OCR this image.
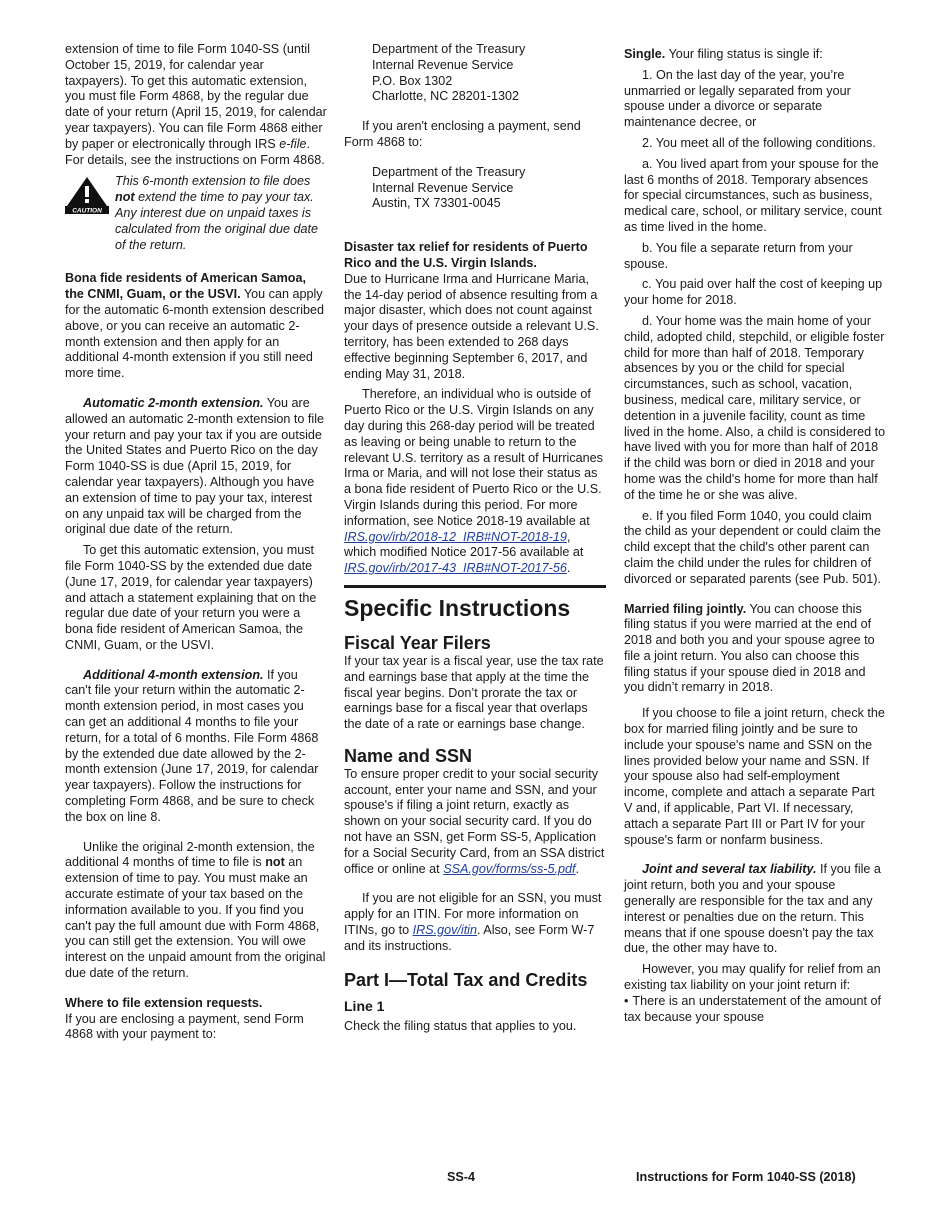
extension of time to file Form 1040-SS (until October 15, 2019, for calendar year taxpayers). To get this automatic extension, you must file Form 4868, by the regular due date of your return (April 15, 2019, for calendar year taxpayers). You can file Form 4868 either by paper or electronically through IRS e-file. For details, see the instructions on Form 4868.

CAUTION

This 6-month extension to file does not extend the time to pay your tax. Any interest due on unpaid taxes is calculated from the original due date of the return.

Bona fide residents of American Samoa, the CNMI, Guam, or the USVI. You can apply for the automatic 6-month extension described above, or you can receive an automatic 2-month extension and then apply for an additional 4-month extension if you still need more time.

Automatic 2-month extension. You are allowed an automatic 2-month extension to file your return and pay your tax if you are outside the United States and Puerto Rico on the day Form 1040-SS is due (April 15, 2019, for calendar year taxpayers). Although you have an extension of time to pay your tax, interest on any unpaid tax will be charged from the original due date of the return.

To get this automatic extension, you must file Form 1040-SS by the extended due date (June 17, 2019, for calendar year taxpayers) and attach a statement explaining that on the regular due date of your return you were a bona fide resident of American Samoa, the CNMI, Guam, or the USVI.

Additional 4-month extension. If you can't file your return within the automatic 2-month extension period, in most cases you can get an additional 4 months to file your return, for a total of 6 months. File Form 4868 by the extended due date allowed by the 2-month extension (June 17, 2019, for calendar year taxpayers). Follow the instructions for completing Form 4868, and be sure to check the box on line 8.

Unlike the original 2-month extension, the additional 4 months of time to file is not an extension of time to pay. You must make an accurate estimate of your tax based on the information available to you. If you find you can't pay the full amount due with Form 4868, you can still get the extension. You will owe interest on the unpaid amount from the original due date of the return.

Where to file extension requests.

If you are enclosing a payment, send Form 4868 with your payment to:

Department of the Treasury

Internal Revenue Service

P.O. Box 1302

Charlotte, NC 28201-1302

If you aren't enclosing a payment, send Form 4868 to:

Department of the Treasury

Internal Revenue Service

Austin, TX 73301-0045

Disaster tax relief for residents of Puerto Rico and the U.S. Virgin Islands.

Due to Hurricane Irma and Hurricane Maria, the 14-day period of absence resulting from a major disaster, which does not count against your days of presence outside a relevant U.S. territory, has been extended to 268 days effective beginning September 6, 2017, and ending May 31, 2018.

Therefore, an individual who is outside of Puerto Rico or the U.S. Virgin Islands on any day during this 268-day period will be treated as leaving or being unable to return to the relevant U.S. territory as a result of Hurricanes Irma or Maria, and will not lose their status as a bona fide resident of Puerto Rico or the U.S. Virgin Islands during this period. For more information, see Notice 2018-19 available at IRS.gov/irb/2018-12_IRB#NOT-2018-19, which modified Notice 2017-56 available at IRS.gov/irb/2017-43_IRB#NOT-2017-56.

Specific Instructions
Fiscal Year Filers

If your tax year is a fiscal year, use the tax rate and earnings base that apply at the time the fiscal year begins. Don’t prorate the tax or earnings base for a fiscal year that overlaps the date of a rate or earnings base change.

Name and SSN

To ensure proper credit to your social security account, enter your name and SSN, and your spouse's if filing a joint return, exactly as shown on your social security card. If you do not have an SSN, get Form SS-5, Application for a Social Security Card, from an SSA district office or online at SSA.gov/forms/ss-5.pdf.

If you are not eligible for an SSN, you must apply for an ITIN. For more information on ITINs, go to IRS.gov/itin. Also, see Form W-7 and its instructions.

Part I—Total Tax and Credits
Line 1

Check the filing status that applies to you.

Single. Your filing status is single if:

1. On the last day of the year, you’re unmarried or legally separated from your spouse under a divorce or separate maintenance decree, or

2. You meet all of the following conditions.

a. You lived apart from your spouse for the last 6 months of 2018. Temporary absences for special circumstances, such as business, medical care, school, or military service, count as time lived in the home.

b. You file a separate return from your spouse.

c. You paid over half the cost of keeping up your home for 2018.

d. Your home was the main home of your child, adopted child, stepchild, or eligible foster child for more than half of 2018. Temporary absences by you or the child for special circumstances, such as school, vacation, business, medical care, military service, or detention in a juvenile facility, count as time lived in the home. Also, a child is considered to have lived with you for more than half of 2018 if the child was born or died in 2018 and your home was the child's home for more than half of the time he or she was alive.

e. If you filed Form 1040, you could claim the child as your dependent or could claim the child except that the child's other parent can claim the child under the rules for children of divorced or separated parents (see Pub. 501).

Married filing jointly. You can choose this filing status if you were married at the end of 2018 and both you and your spouse agree to file a joint return. You also can choose this filing status if your spouse died in 2018 and you didn’t remarry in 2018.

If you choose to file a joint return, check the box for married filing jointly and be sure to include your spouse's name and SSN on the lines provided below your name and SSN. If your spouse also had self-employment income, complete and attach a separate Part V and, if applicable, Part VI. If necessary, attach a separate Part III or Part IV for your spouse's farm or nonfarm business.

Joint and several tax liability. If you file a joint return, both you and your spouse generally are responsible for the tax and any interest or penalties due on the return. This means that if one spouse doesn't pay the tax due, the other may have to.

However, you may qualify for relief from an existing tax liability on your joint return if:

• There is an understatement of the amount of tax because your spouse

SS-4	Instructions for Form 1040-SS (2018)
